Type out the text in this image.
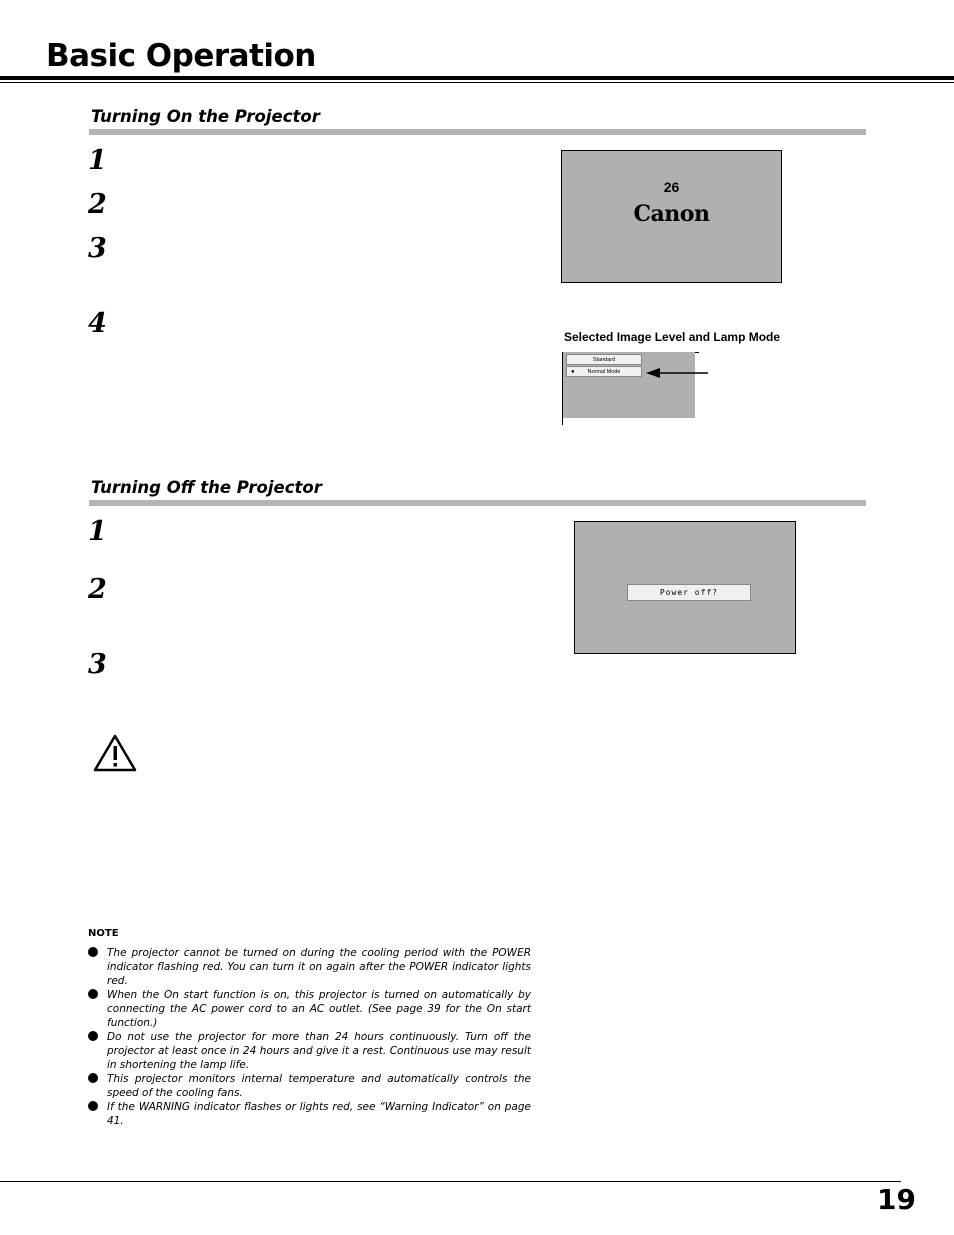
Basic Operation
Turning On the Projector
1
2
3
4
26
Canon
Selected Image Level and Lamp Mode
Standard
● Normal Mode
Turning Off the Projector
1
2
3
Power off?
NOTE
The projector cannot be turned on during the cooling period with the POWER indicator flashing red. You can turn it on again after the POWER indicator lights red.
When the On start function is on, this projector is turned on automatically by connecting the AC power cord to an AC outlet. (See page 39 for the On start function.)
Do not use the projector for more than 24 hours continuously. Turn off the projector at least once in 24 hours and give it a rest. Continuous use may result in shortening the lamp life.
This projector monitors internal temperature and automatically controls the speed of the cooling fans.
If the WARNING indicator flashes or lights red, see “Warning Indicator” on page 41.
19
